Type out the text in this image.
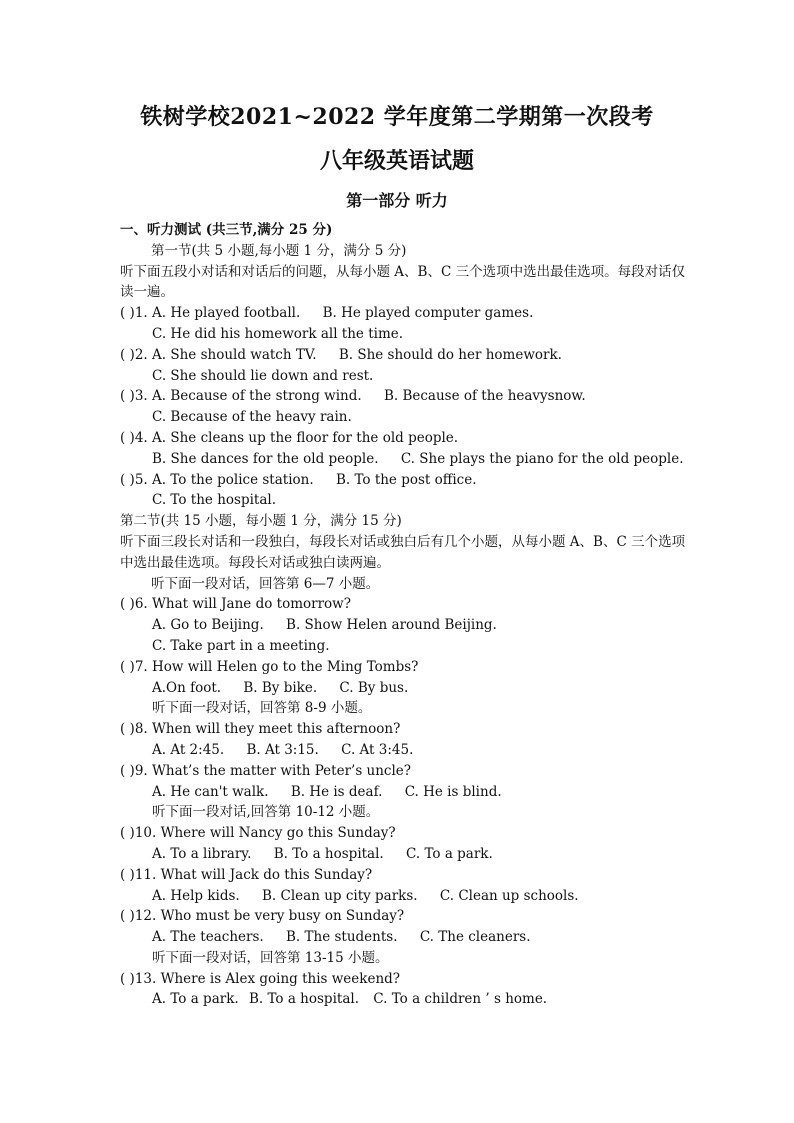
铁树学校2021~2022 学年度第二学期第一次段考
八年级英语试题
第一部分 听力
一、听力测试 (共三节,满分 25 分)
第一节(共 5 小题,每小题 1 分，满分 5 分)
听下面五段小对话和对话后的问题，从每小题 A、B、C 三个选项中选出最佳选项。每段对话仅读一遍。
( )1. A. He played football. B. He played computer games.
C. He did his homework all the time.
( )2. A. She should watch TV. B. She should do her homework.
C. She should lie down and rest.
( )3. A. Because of the strong wind. B. Because of the heavysnow.
C. Because of the heavy rain.
( )4. A. She cleans up the floor for the old people.
B. She dances for the old people. C. She plays the piano for the old people.
( )5. A. To the police station. B. To the post office.
C. To the hospital.
第二节(共 15 小题，每小题 1 分，满分 15 分)
听下面三段长对话和一段独白，每段长对话或独白后有几个小题，从每小题 A、B、C 三个选项中选出最佳选项。每段长对话或独白读两遍。
听下面一段对话，回答第 6—7 小题。
( )6. What will Jane do tomorrow?
A. Go to Beijing. B. Show Helen around Beijing.
C. Take part in a meeting.
( )7. How will Helen go to the Ming Tombs?
A.On foot. B. By bike. C. By bus.
听下面一段对话，回答第 8-9 小题。
( )8. When will they meet this afternoon?
A. At 2:45. B. At 3:15. C. At 3:45.
( )9. What’s the matter with Peter’s uncle?
A. He can't walk. B. He is deaf. C. He is blind.
听下面一段对话,回答第 10-12 小题。
( )10. Where will Nancy go this Sunday?
A. To a library. B. To a hospital. C. To a park.
( )11. What will Jack do this Sunday?
A. Help kids. B. Clean up city parks. C. Clean up schools.
( )12. Who must be very busy on Sunday?
A. The teachers. B. The students. C. The cleaners.
听下面一段对话，回答第 13-15 小题。
( )13. Where is Alex going this weekend?
A. To a park. B. To a hospital. C. To a children ’ s home.
